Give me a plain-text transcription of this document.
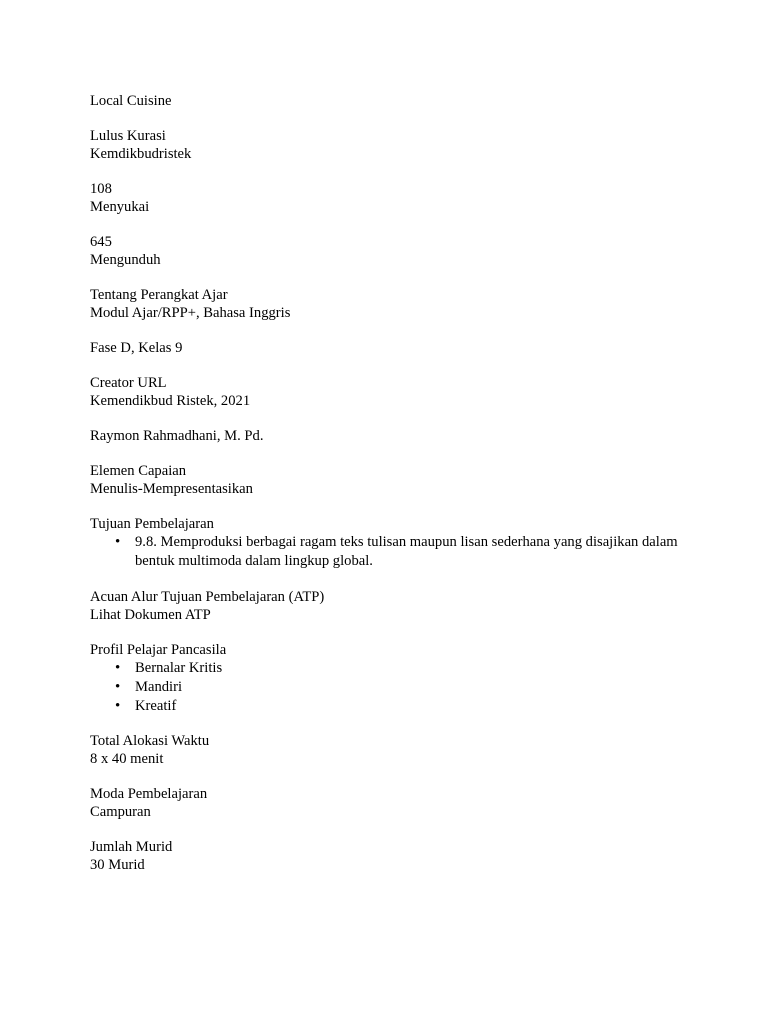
Local Cuisine
Lulus Kurasi
Kemdikbudristek
108
Menyukai
645
Mengunduh
Tentang Perangkat Ajar
Modul Ajar/RPP+, Bahasa Inggris
Fase D, Kelas 9
Creator URL
Kemendikbud Ristek, 2021
Raymon Rahmadhani, M. Pd.
Elemen Capaian
Menulis-Mempresentasikan
Tujuan Pembelajaran
• 9.8. Memproduksi berbagai ragam teks tulisan maupun lisan sederhana yang disajikan dalam bentuk multimoda dalam lingkup global.
Acuan Alur Tujuan Pembelajaran (ATP)
Lihat Dokumen ATP
Profil Pelajar Pancasila
• Bernalar Kritis
• Mandiri
• Kreatif
Total Alokasi Waktu
8 x 40 menit
Moda Pembelajaran
Campuran
Jumlah Murid
30 Murid
